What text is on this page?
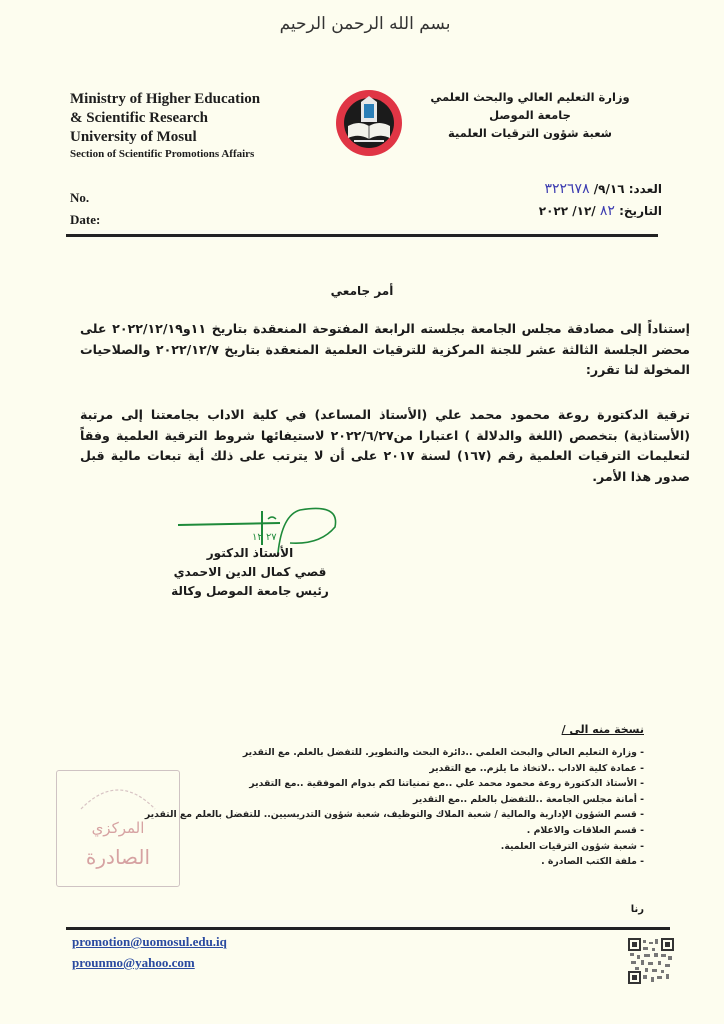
بسم الله الرحمن الرحيم
Ministry of Higher Education
& Scientific Research
University of Mosul
Section of Scientific Promotions Affairs
No.
Date:
وزارة التعليم العالي والبحث العلمي
جامعة الموصل
شعبة شؤون الترقيات العلمية
العدد: ٩/١٦/ ٣٢٢٦٧٨
التاريخ: ٨٢ /١٢/ ٢٠٢٢
أمر جامعي
إستناداً إلى مصادقة مجلس الجامعة بجلسته الرابعة المفتوحة المنعقدة بتاريخ ١١و٢٠٢٢/١٢/١٩ على محضر الجلسة الثالثة عشر للجنة المركزية للترقيات العلمية المنعقدة بتاريخ ٢٠٢٢/١٢/٧ والصلاحيات المخولة لنا تقرر:
ترقية الدكتورة روعة محمود محمد علي (الأستاذ المساعد) في كلية الاداب بجامعتنا إلى مرتبة (الأستاذية) بتخصص (اللغة والدلالة ) اعتبارا من٢٠٢٢/٦/٢٧ لاستيفائها شروط الترقية العلمية وفقاً لتعليمات الترقيات العلمية رقم (١٦٧) لسنة ٢٠١٧ على أن لا يترتب على ذلك أية تبعات مالية قبل صدور هذا الأمر.
٢٧ ١٢
الأستاذ الدكتور
قصي كمال الدين الاحمدي
رئيس جامعة الموصل وكالة
نسخة منه الى /
- وزارة التعليم العالي والبحث العلمي ..دائرة البحث والتطوير. للتفضل بالعلم. مع التقدير
- عمادة كلية الاداب ..لاتخاذ ما يلزم.. مع التقدير
- الأستاذ الدكتورة روعة محمود محمد علي ..مع تمنياتنا لكم بدوام الموفقية ..مع التقدير
- أمانة مجلس الجامعة ..للتفضل بالعلم ..مع التقدير
- قسم الشؤون الإدارية والمالية / شعبة الملاك والتوظيف، شعبة شؤون التدريسيين.. للتفضل بالعلم مع التقدير
- قسم العلاقات والاعلام .
- شعبة شؤون الترقيات العلمية.
- ملفة الكتب الصادرة .
المركزي
الصادرة
رنا
promotion@uomosul.edu.iq
prounmo@yahoo.com
